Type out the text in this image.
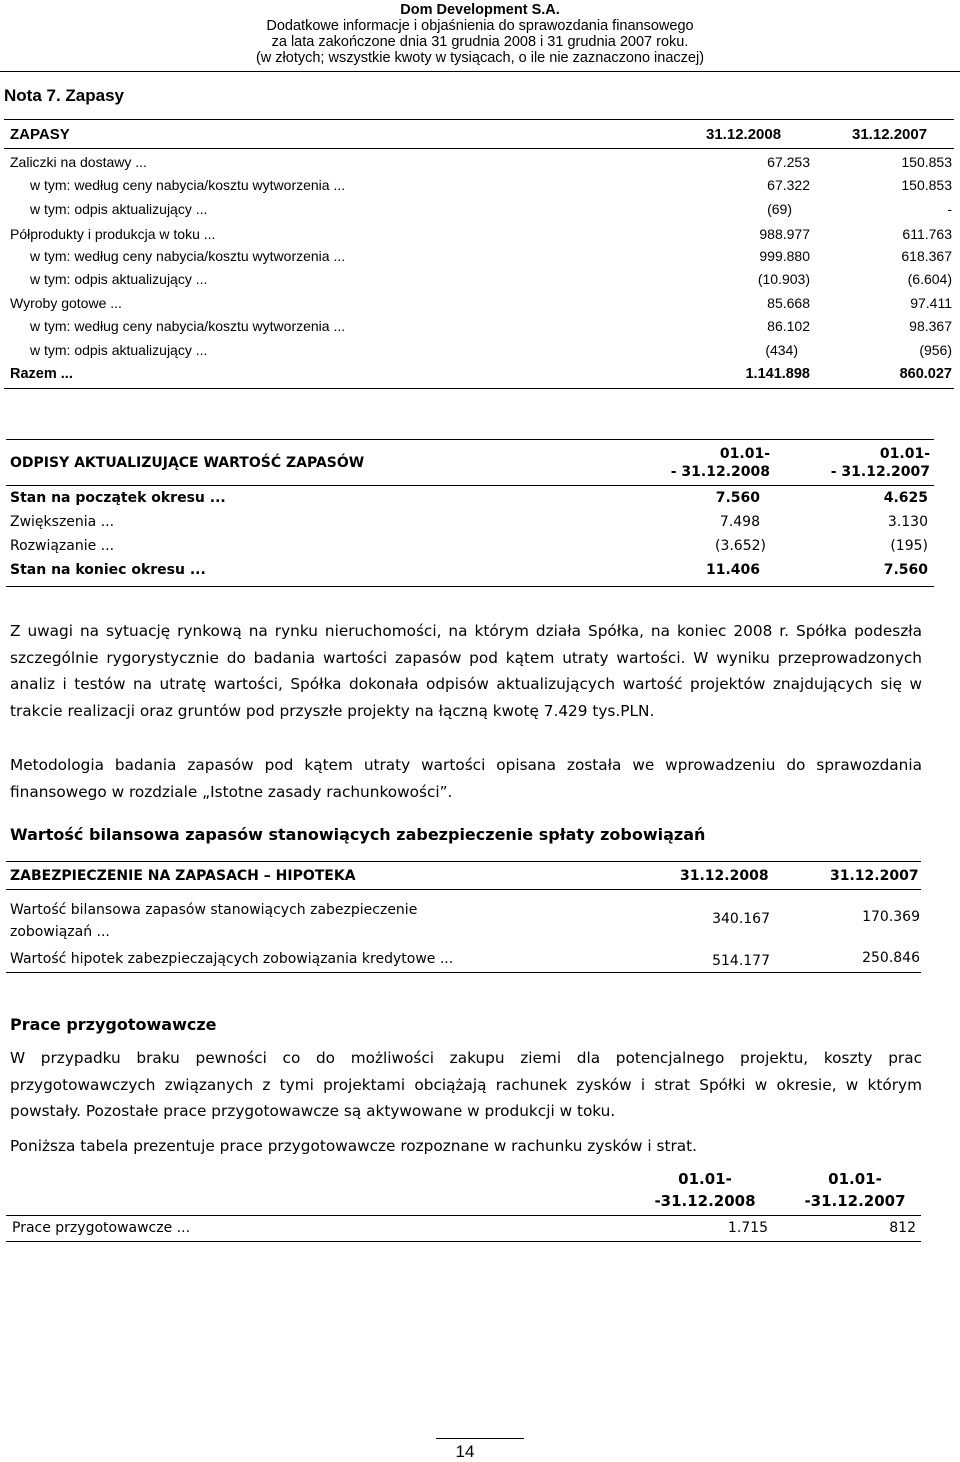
Dom Development S.A.
Dodatkowe informacje i objaśnienia do sprawozdania finansowego
za lata zakończone dnia 31 grudnia 2008 i 31 grudnia 2007 roku.
(w złotych; wszystkie kwoty w tysiącach, o ile nie zaznaczono inaczej)
Nota 7. Zapasy
ZAPASY	31.12.2008	31.12.2007
Zaliczki na dostawy ...	67.253	150.853
w tym: według ceny nabycia/kosztu wytworzenia ...	67.322	150.853
w tym: odpis aktualizujący ...	(69)	-
Półprodukty i produkcja w toku ...	988.977	611.763
w tym: według ceny nabycia/kosztu wytworzenia ...	999.880	618.367
w tym: odpis aktualizujący ...	(10.903)	(6.604)
Wyroby gotowe ...	85.668	97.411
w tym: według ceny nabycia/kosztu wytworzenia ...	86.102	98.367
w tym: odpis aktualizujący ...	(434)	(956)
Razem ...	1.141.898	860.027
ODPISY AKTUALIZUJĄCE WARTOŚĆ ZAPASÓW
01.01-
- 31.12.2008
01.01-
- 31.12.2007
Stan na początek okresu ...	7.560	4.625
Zwiększenia ...	7.498	3.130
Rozwiązanie ...	(3.652)	(195)
Stan na koniec okresu ...	11.406	7.560
Z uwagi na sytuację rynkową na rynku nieruchomości, na którym działa Spółka, na koniec 2008 r. Spółka podeszła szczególnie rygorystycznie do badania wartości zapasów pod kątem utraty wartości. W wyniku przeprowadzonych analiz i testów na utratę wartości, Spółka dokonała odpisów aktualizujących wartość projektów znajdujących się w trakcie realizacji oraz gruntów pod przyszłe projekty na łączną kwotę 7.429 tys.PLN.
Metodologia badania zapasów pod kątem utraty wartości opisana została we wprowadzeniu do sprawozdania finansowego w rozdziale „Istotne zasady rachunkowości”.
Wartość bilansowa zapasów stanowiących zabezpieczenie spłaty zobowiązań
ZABEZPIECZENIE NA ZAPASACH – HIPOTEKA	31.12.2008	31.12.2007
Wartość bilansowa zapasów stanowiących zabezpieczenie
zobowiązań ...
340.167	170.369
Wartość hipotek zabezpieczających zobowiązania kredytowe ...	514.177	250.846
Prace przygotowawcze
W przypadku braku pewności co do możliwości zakupu ziemi dla potencjalnego projektu, koszty prac przygotowawczych związanych z tymi projektami obciążają rachunek zysków i strat Spółki w okresie, w którym powstały. Pozostałe prace przygotowawcze są aktywowane w produkcji w toku.
Poniższa tabela prezentuje prace przygotowawcze rozpoznane w rachunku zysków i strat.
01.01-
-31.12.2008
01.01-
-31.12.2007
Prace przygotowawcze ...	1.715	812
14
